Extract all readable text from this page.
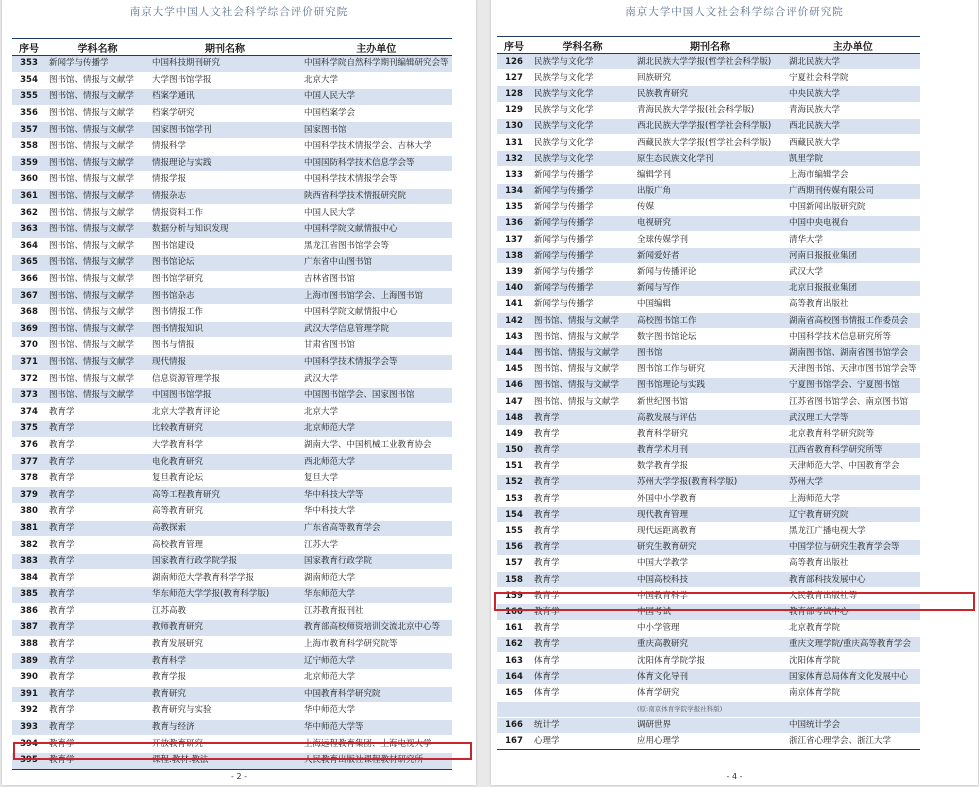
南京大学中国人文社会科学综合评价研究院
序号	学科名称	期刊名称	主办单位
353	新闻学与传播学	中国科技期刊研究	中国科学院自然科学期刊编辑研究会等
354	图书馆、情报与文献学	大学图书馆学报	北京大学
355	图书馆、情报与文献学	档案学通讯	中国人民大学
356	图书馆、情报与文献学	档案学研究	中国档案学会
357	图书馆、情报与文献学	国家图书馆学刊	国家图书馆
358	图书馆、情报与文献学	情报科学	中国科学技术情报学会、吉林大学
359	图书馆、情报与文献学	情报理论与实践	中国国防科学技术信息学会等
360	图书馆、情报与文献学	情报学报	中国科学技术情报学会等
361	图书馆、情报与文献学	情报杂志	陕西省科学技术情报研究院
362	图书馆、情报与文献学	情报资料工作	中国人民大学
363	图书馆、情报与文献学	数据分析与知识发现	中国科学院文献情报中心
364	图书馆、情报与文献学	图书馆建设	黑龙江省图书馆学会等
365	图书馆、情报与文献学	图书馆论坛	广东省中山图书馆
366	图书馆、情报与文献学	图书馆学研究	吉林省图书馆
367	图书馆、情报与文献学	图书馆杂志	上海市图书馆学会、上海图书馆
368	图书馆、情报与文献学	图书情报工作	中国科学院文献情报中心
369	图书馆、情报与文献学	图书情报知识	武汉大学信息管理学院
370	图书馆、情报与文献学	图书与情报	甘肃省图书馆
371	图书馆、情报与文献学	现代情报	中国科学技术情报学会等
372	图书馆、情报与文献学	信息资源管理学报	武汉大学
373	图书馆、情报与文献学	中国图书馆学报	中国图书馆学会、国家图书馆
374	教育学	北京大学教育评论	北京大学
375	教育学	比较教育研究	北京师范大学
376	教育学	大学教育科学	湖南大学、中国机械工业教育协会
377	教育学	电化教育研究	西北师范大学
378	教育学	复旦教育论坛	复旦大学
379	教育学	高等工程教育研究	华中科技大学等
380	教育学	高等教育研究	华中科技大学
381	教育学	高教探索	广东省高等教育学会
382	教育学	高校教育管理	江苏大学
383	教育学	国家教育行政学院学报	国家教育行政学院
384	教育学	湖南师范大学教育科学学报	湖南师范大学
385	教育学	华东师范大学学报(教育科学版)	华东师范大学
386	教育学	江苏高教	江苏教育报刊社
387	教育学	教师教育研究	教育部高校师资培训交流北京中心等
388	教育学	教育发展研究	上海市教育科学研究院等
389	教育学	教育科学	辽宁师范大学
390	教育学	教育学报	北京师范大学
391	教育学	教育研究	中国教育科学研究院
392	教育学	教育研究与实验	华中师范大学
393	教育学	教育与经济	华中师范大学等
394	教育学	开放教育研究	上海远程教育集团、上海电视大学
395	教育学	课程.教材.教法	人民教育出版社课程教材研究所
- 2 -
南京大学中国人文社会科学综合评价研究院
序号	学科名称	期刊名称	主办单位
126	民族学与文化学	湖北民族大学学报(哲学社会科学版)	湖北民族大学
127	民族学与文化学	回族研究	宁夏社会科学院
128	民族学与文化学	民族教育研究	中央民族大学
129	民族学与文化学	青海民族大学学报(社会科学版)	青海民族大学
130	民族学与文化学	西北民族大学学报(哲学社会科学版)	西北民族大学
131	民族学与文化学	西藏民族大学学报(哲学社会科学版)	西藏民族大学
132	民族学与文化学	原生态民族文化学刊	凯里学院
133	新闻学与传播学	编辑学刊	上海市编辑学会
134	新闻学与传播学	出版广角	广西期刊传媒有限公司
135	新闻学与传播学	传媒	中国新闻出版研究院
136	新闻学与传播学	电视研究	中国中央电视台
137	新闻学与传播学	全球传媒学刊	清华大学
138	新闻学与传播学	新闻爱好者	河南日报报业集团
139	新闻学与传播学	新闻与传播评论	武汉大学
140	新闻学与传播学	新闻与写作	北京日报报业集团
141	新闻学与传播学	中国编辑	高等教育出版社
142	图书馆、情报与文献学	高校图书馆工作	湖南省高校图书情报工作委员会
143	图书馆、情报与文献学	数字图书馆论坛	中国科学技术信息研究所等
144	图书馆、情报与文献学	图书馆	湖南图书馆、湖南省图书馆学会
145	图书馆、情报与文献学	图书馆工作与研究	天津图书馆、天津市图书馆学会等
146	图书馆、情报与文献学	图书馆理论与实践	宁夏图书馆学会、宁夏图书馆
147	图书馆、情报与文献学	新世纪图书馆	江苏省图书馆学会、南京图书馆
148	教育学	高教发展与评估	武汉理工大学等
149	教育学	教育科学研究	北京教育科学研究院等
150	教育学	教育学术月刊	江西省教育科学研究所等
151	教育学	数学教育学报	天津师范大学、中国教育学会
152	教育学	苏州大学学报(教育科学版)	苏州大学
153	教育学	外国中小学教育	上海师范大学
154	教育学	现代教育管理	辽宁教育研究院
155	教育学	现代远距离教育	黑龙江广播电视大学
156	教育学	研究生教育研究	中国学位与研究生教育学会等
157	教育学	中国大学教学	高等教育出版社
158	教育学	中国高校科技	教育部科技发展中心
159	教育学	中国教育科学	人民教育出版社等
160	教育学	中国考试	教育部考试中心
161	教育学	中小学管理	北京教育学院
162	教育学	重庆高教研究	重庆文理学院/重庆高等教育学会
163	体育学	沈阳体育学院学报	沈阳体育学院
164	体育学	体育文化导刊	国家体育总局体育文化发展中心
165	体育学	体育学研究	南京体育学院
		(原:南京体育学院学报社科版)	
166	统计学	调研世界	中国统计学会
167	心理学	应用心理学	浙江省心理学会、浙江大学
- 4 -
